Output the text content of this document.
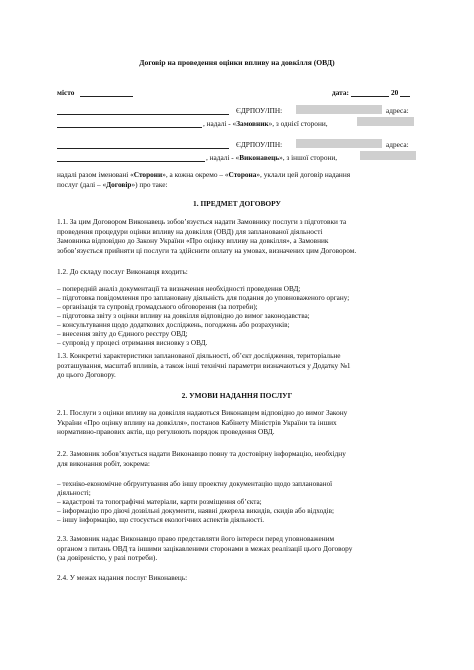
Договір на проведення оцінки впливу на довкілля (ОВД)
місто	дата:	20
ЄДРПОУ/ІПН:	адреса:
, надалі - «Замовник», з однієї сторони,
ЄДРПОУ/ІПН:	адреса:
, надалі - «Виконавець», з іншої сторони,
надалі разом іменовані «Сторони», а кожна окремо – «Сторона», уклали цей договір надання
послуг (далі – «Договір») про таке:
1. ПРЕДМЕТ ДОГОВОРУ
1.1. За цим Договором Виконавець зобов’язується надати Замовнику послуги з підготовки та
проведення процедури оцінки впливу на довкілля (ОВД) для запланованої діяльності
Замовника відповідно до Закону України «Про оцінку впливу на довкілля», а Замовник
зобов’язується прийняти ці послуги та здійснити оплату на умовах, визначених цим Договором.
1.2. До складу послуг Виконавця входить:
– попередній аналіз документації та визначення необхідності проведення ОВД;
– підготовка повідомлення про заплановану діяльність для подання до уповноваженого органу;
– організація та супровід громадського обговорення (за потреби);
– підготовка звіту з оцінки впливу на довкілля відповідно до вимог законодавства;
– консультування щодо додаткових досліджень, погоджень або розрахунків;
– внесення звіту до Єдиного реєстру ОВД;
– супровід у процесі отримання висновку з ОВД.
1.3. Конкретні характеристики запланованої діяльності, об’єкт дослідження, територіальне
розташування, масштаб впливів, а також інші технічні параметри визначаються у Додатку №1
до цього Договору.
2. УМОВИ НАДАННЯ ПОСЛУГ
2.1. Послуги з оцінки впливу на довкілля надаються Виконавцем відповідно до вимог Закону
України «Про оцінку впливу на довкілля», постанов Кабінету Міністрів України та інших
нормативно-правових актів, що регулюють порядок проведення ОВД.
2.2. Замовник зобов’язується надати Виконавцю повну та достовірну інформацію, необхідну
для виконання робіт, зокрема:
– техніко-економічне обґрунтування або іншу проектну документацію щодо запланованої
діяльності;
– кадастрові та топографічні матеріали, карти розміщення об’єкта;
– інформацію про діючі дозвільні документи, наявні джерела викидів, скидів або відходів;
– іншу інформацію, що стосується екологічних аспектів діяльності.
2.3. Замовник надає Виконавцю право представляти його інтереси перед уповноваженим
органом з питань ОВД та іншими зацікавленими сторонами в межах реалізації цього Договору
(за довіреністю, у разі потреби).
2.4. У межах надання послуг Виконавець:
